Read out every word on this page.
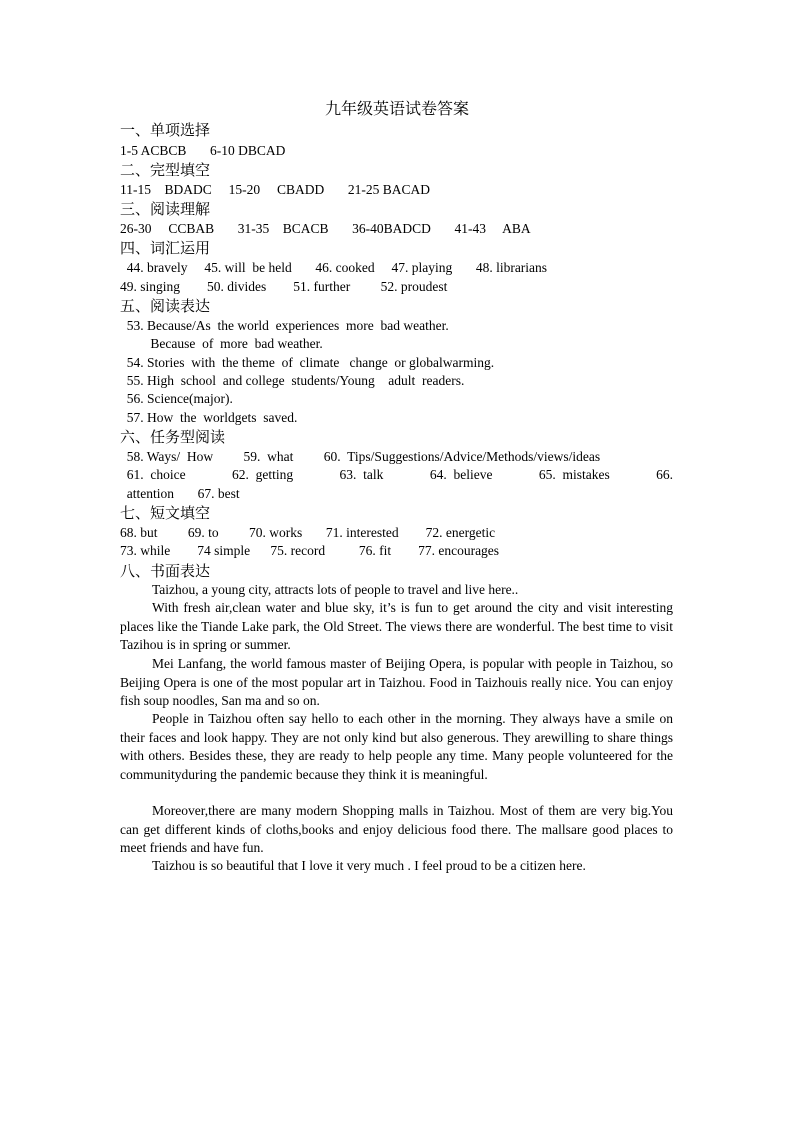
九年级英语试卷答案
一、单项选择
1-5 ACBCB       6-10 DBCAD
二、完型填空
11-15    BDADC     15-20     CBADD       21-25 BACAD
三、阅读理解
26-30     CCBAB       31-35    BCACB       36-40BADCD       41-43     ABA
四、词汇运用
44. bravely     45. will  be held       46. cooked     47. playing       48. librarians
49. singing        50. divides        51. further         52. proudest
五、阅读表达
53. Because/As  the world  experiences  more  bad weather.
Because  of  more  bad weather.
54. Stories  with  the theme  of  climate   change  or globalwarming.
55. High  school  and college  students/Young    adult  readers.
56. Science(major).
57. How  the  worldgets  saved.
六、任务型阅读
58. Ways/  How         59.  what         60.  Tips/Suggestions/Advice/Methods/views/ideas
61.  choice	62.  getting	63.  talk	64.  believe	65.  mistakes	66.
attention       67. best
七、短文填空
68. but         69. to         70. works       71. interested        72. energetic
73. while        74 simple      75. record          76. fit        77. encourages
八、书面表达
Taizhou, a young city, attracts lots of people to travel and live here..
With fresh air,clean water and blue sky, it’s is fun to get around the city and visit interesting places like the Tiande Lake park, the Old Street. The views there are wonderful. The best time to visit Tazihou is in spring or summer.
Mei Lanfang, the world famous master of Beijing Opera, is popular with people in Taizhou, so Beijing Opera is one of the most popular art in Taizhou. Food in Taizhouis really nice. You can enjoy fish soup noodles, San ma and so on.
People in Taizhou often say hello to each other in the morning. They always have a smile on their faces and look happy. They are not only kind but also generous. They arewilling to share things with others. Besides these, they are ready to help people any time. Many people volunteered for the communityduring the pandemic because they think it is meaningful.
Moreover,there are many modern Shopping malls in Taizhou. Most of them are very big.You can get different kinds of cloths,books and enjoy delicious food there. The mallsare good places to meet friends and have fun.
Taizhou is so beautiful that I love it very much . I feel proud to be a citizen here.
